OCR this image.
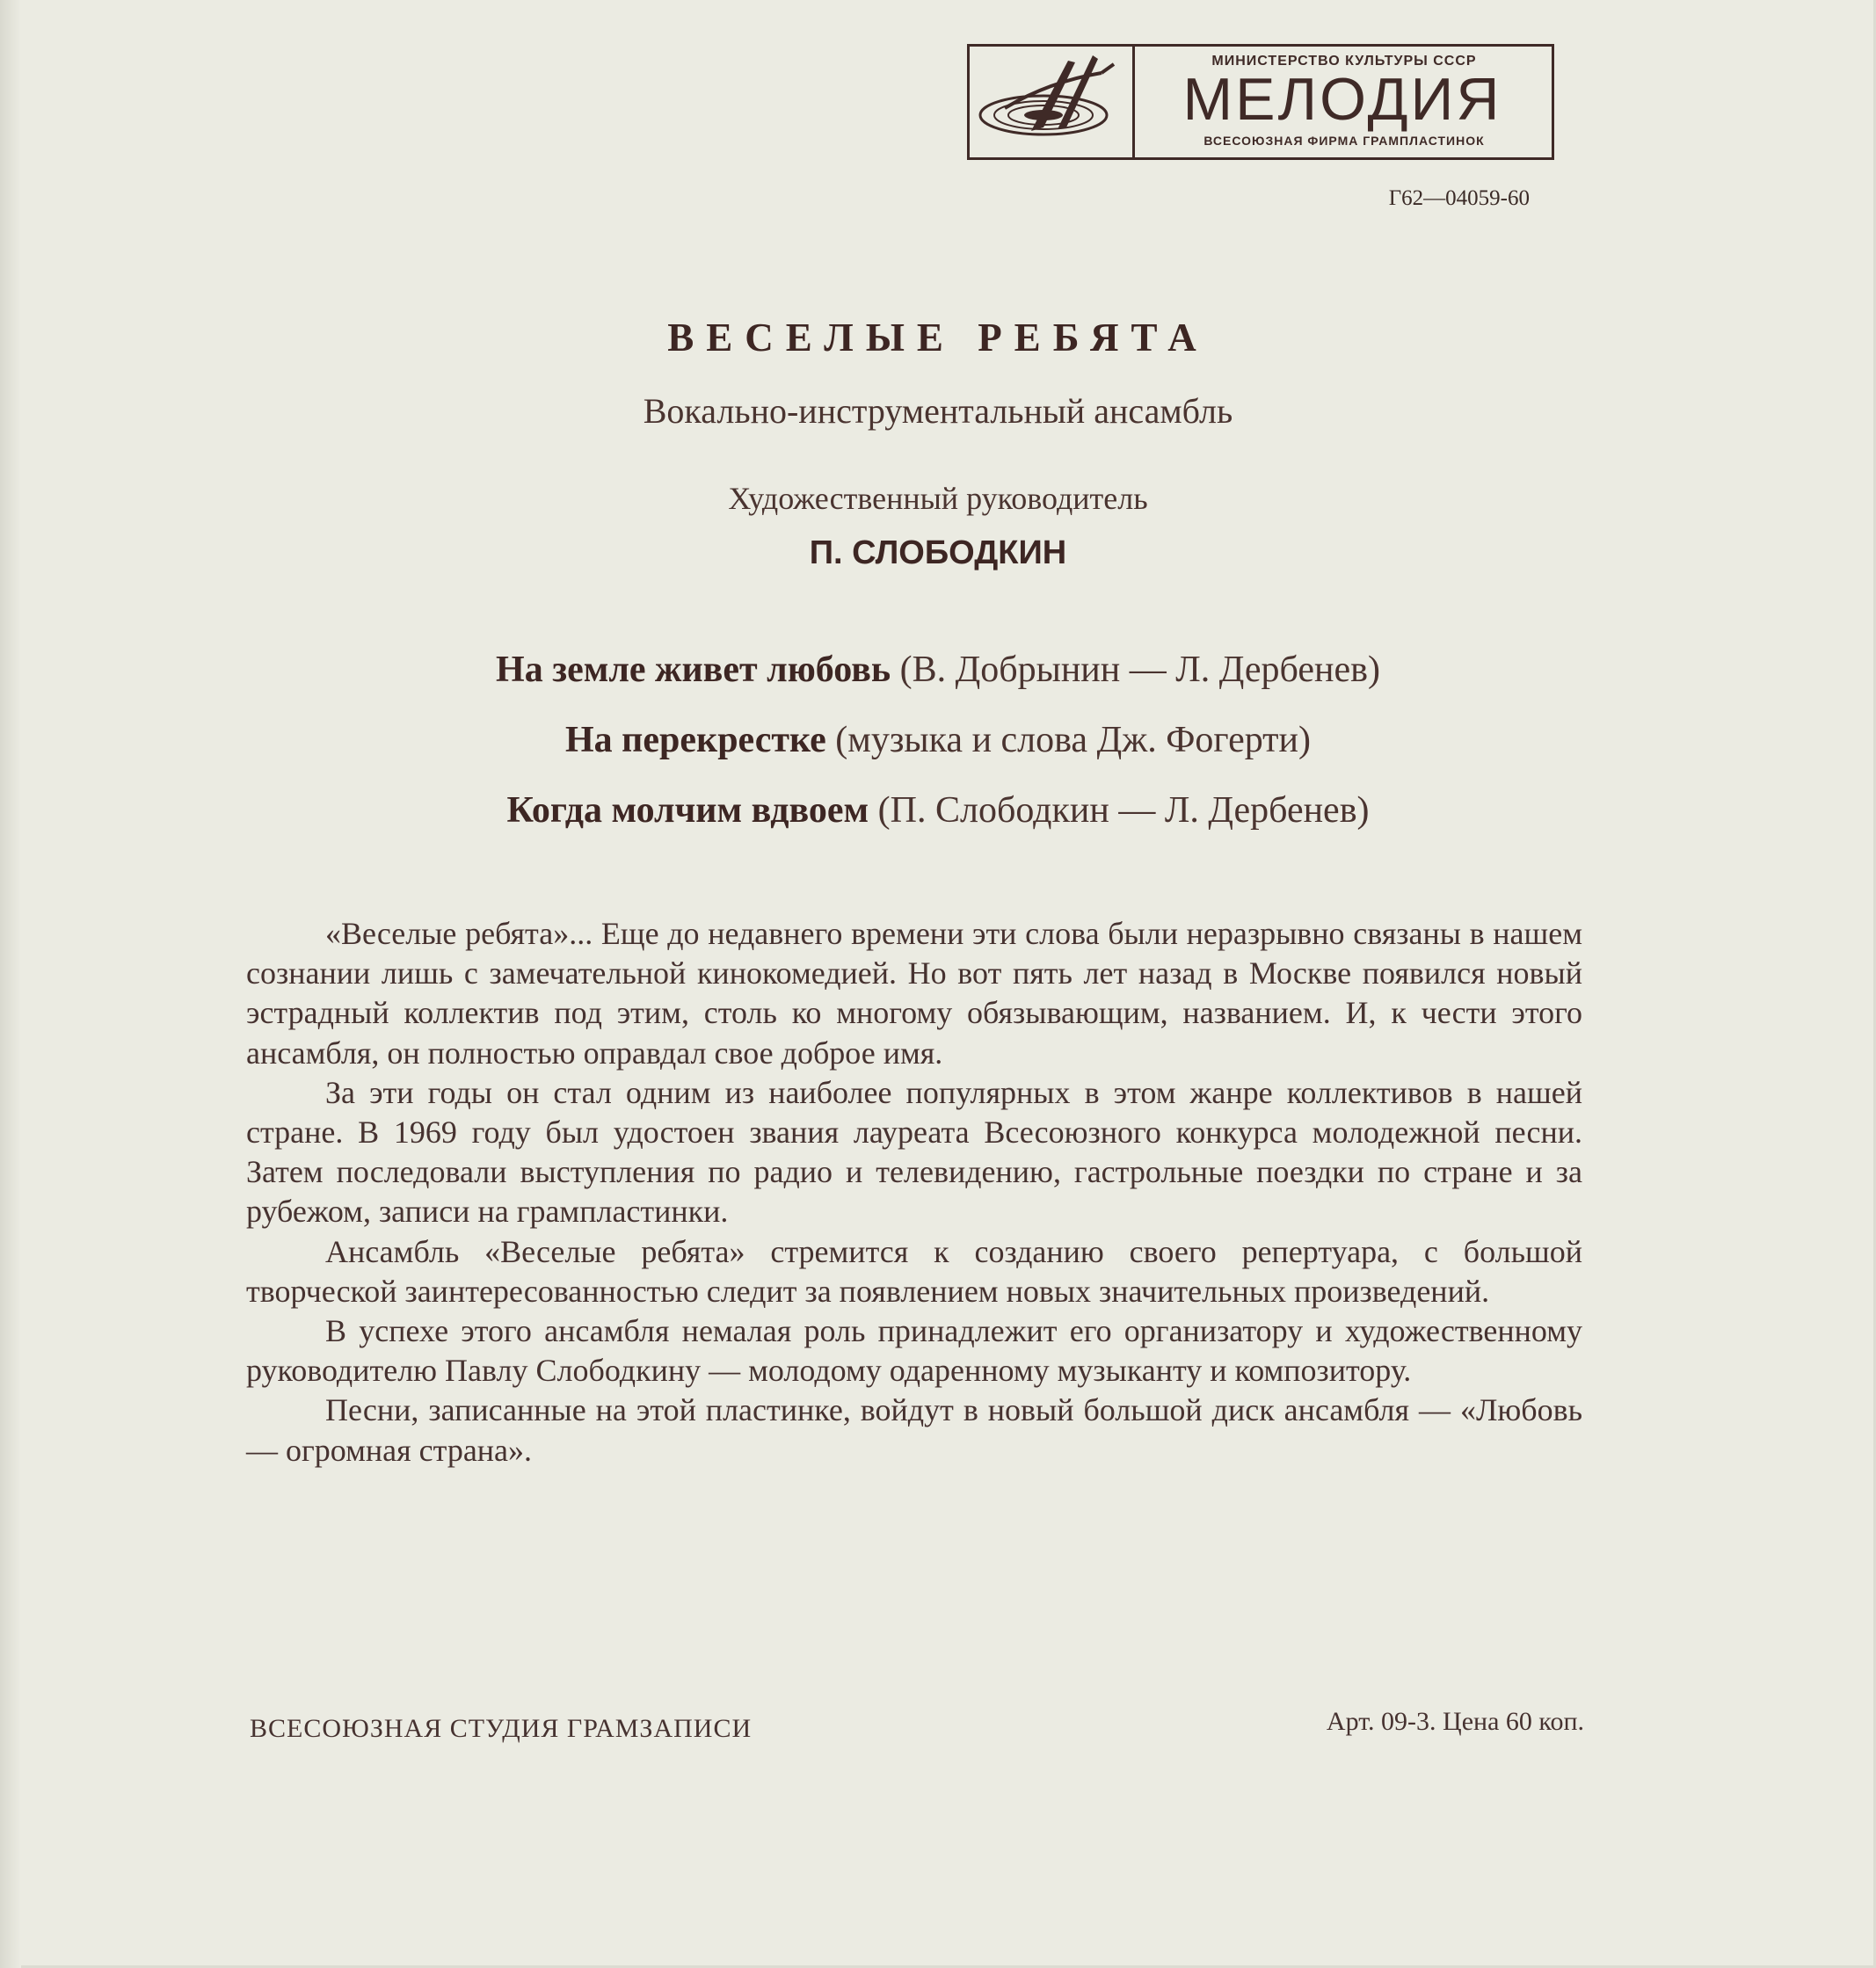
МИНИСТЕРСТВО КУЛЬТУРЫ СССР
МЕЛОДИЯ
ВСЕСОЮЗНАЯ ФИРМА ГРАМПЛАСТИНОК
Г62—04059-60
ВЕСЕЛЫЕ РЕБЯТА
Вокально-инструментальный ансамбль
Художественный руководитель
П. СЛОБОДКИН
На земле живет любовь (В. Добрынин — Л. Дербенев)
На перекрестке (музыка и слова Дж. Фогерти)
Когда молчим вдвоем (П. Слободкин — Л. Дербенев)

«Веселые ребята»... Еще до недавнего времени эти слова были неразрывно связаны в нашем сознании лишь с замечательной кинокомедией. Но вот пять лет назад в Москве появился новый эстрадный коллектив под этим, столь ко многому обязывающим, названием. И, к чести этого ансамбля, он полностью оправдал свое доброе имя.

За эти годы он стал одним из наиболее популярных в этом жанре коллективов в нашей стране. В 1969 году был удостоен звания лауреата Всесоюзного конкурса молодежной песни. Затем последовали выступления по радио и телевидению, гастрольные поездки по стране и за рубежом, записи на грампластинки.

Ансамбль «Веселые ребята» стремится к созданию своего репертуара, с большой творческой заинтересованностью следит за появлением новых значительных произведений.

В успехе этого ансамбля немалая роль принадлежит его организатору и художественному руководителю Павлу Слободкину — молодому одаренному музыканту и композитору.

Песни, записанные на этой пластинке, войдут в новый большой диск ансамбля — «Любовь — огромная страна».

ВСЕСОЮЗНАЯ СТУДИЯ ГРАМЗАПИСИ	Арт. 09-3. Цена 60 коп.
